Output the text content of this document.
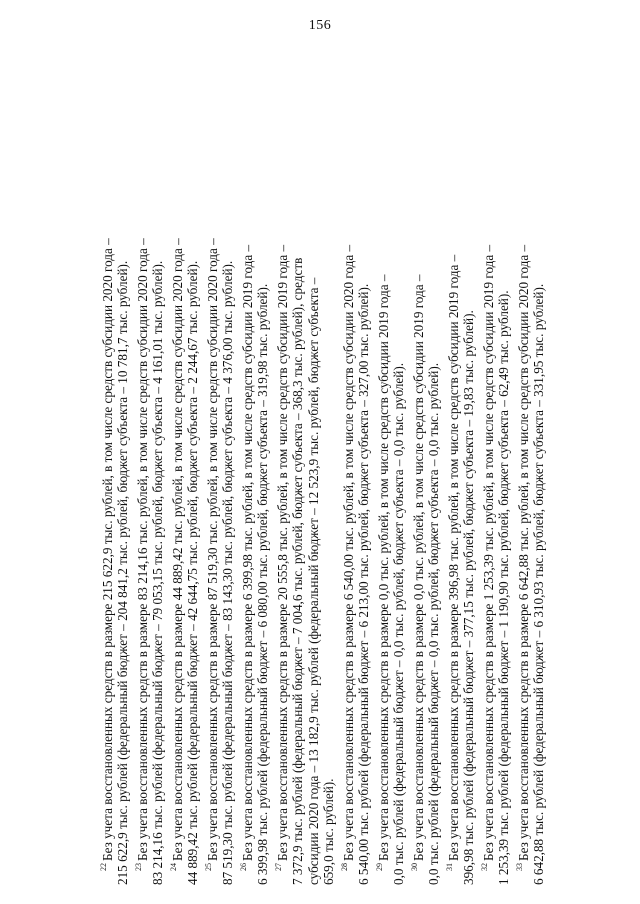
156
$^{22}$Без учета восстановленных средств в размере 215 622,9 тыс. рублей, в том числе средств субсидии 2020 года – 215 622,9 тыс. рублей (федеральный бюджет – 204 841,2 тыс. рублей, бюджет субъекта – 10 781,7 тыс. рублей). $^{23}$Без учета восстановленных средств в размере 83 214,16 тыс. рублей, в том числе средств субсидии 2020 года – 83 214,16 тыс. рублей (федеральный бюджет – 79 053,15 тыс. рублей, бюджет субъекта – 4 161,01 тыс. рублей). $^{24}$Без учета восстановленных средств в размере 44 889,42 тыс. рублей, в том числе средств субсидии 2020 года – 44 889,42 тыс. рублей (федеральный бюджет – 42 644,75 тыс. рублей, бюджет субъекта – 2 244,67 тыс. рублей). $^{25}$Без учета восстановленных средств в размере 87 519,30 тыс. рублей, в том числе средств субсидии 2020 года – 87 519,30 тыс. рублей (федеральный бюджет – 83 143,30 тыс. рублей, бюджет субъекта – 4 376,00 тыс. рублей). $^{26}$Без учета восстановленных средств в размере 6 399,98 тыс. рублей, в том числе средств субсидии 2019 года – 6 399,98 тыс. рублей (федеральный бюджет – 6 080,00 тыс. рублей, бюджет субъекта – 319,98 тыс. рублей). $^{27}$Без учета восстановленных средств в размере 20 555,8 тыс. рублей, в том числе средств субсидии 2019 года – 7 372,9 тыс. рублей (федеральный бюджет – 7 004,6 тыс. рублей, бюджет субъекта – 368,3 тыс. рублей), средств субсидии 2020 года – 13 182,9 тыс. рублей (федеральный бюджет – 12 523,9 тыс. рублей, бюджет субъекта – 659,0 тыс. рублей). $^{28}$Без учета восстановленных средств в размере 6 540,00 тыс. рублей, в том числе средств субсидии 2020 года – 6 540,00 тыс. рублей (федеральный бюджет – 6 213,00 тыс. рублей, бюджет субъекта – 327,00 тыс. рублей). $^{29}$Без учета восстановленных средств в размере 0,0 тыс. рублей, в том числе средств субсидии 2019 года – 0,0 тыс. рублей (федеральный бюджет – 0,0 тыс. рублей, бюджет субъекта – 0,0 тыс. рублей). $^{30}$Без учета восстановленных средств в размере 0,0 тыс. рублей, в том числе средств субсидии 2019 года – 0,0 тыс. рублей (федеральный бюджет – 0,0 тыс. рублей, бюджет субъекта – 0,0 тыс. рублей). $^{31}$Без учета восстановленных средств в размере 396,98 тыс. рублей, в том числе средств субсидии 2019 года – 396,98 тыс. рублей (федеральный бюджет – 377,15 тыс. рублей, бюджет субъекта – 19,83 тыс. рублей). $^{32}$Без учета восстановленных средств в размере 1 253,39 тыс. рублей, в том числе средств субсидии 2019 года – 1 253,39 тыс. рублей (федеральный бюджет – 1 190,90 тыс. рублей, бюджет субъекта – 62,49 тыс. рублей). $^{33}$Без учета восстановленных средств в размере 6 642,88 тыс. рублей, в том числе средств субсидии 2020 года – 6 642,88 тыс. рублей (федеральный бюджет – 6 310,93 тыс. рублей, бюджет субъекта – 331,95 тыс. рублей).
